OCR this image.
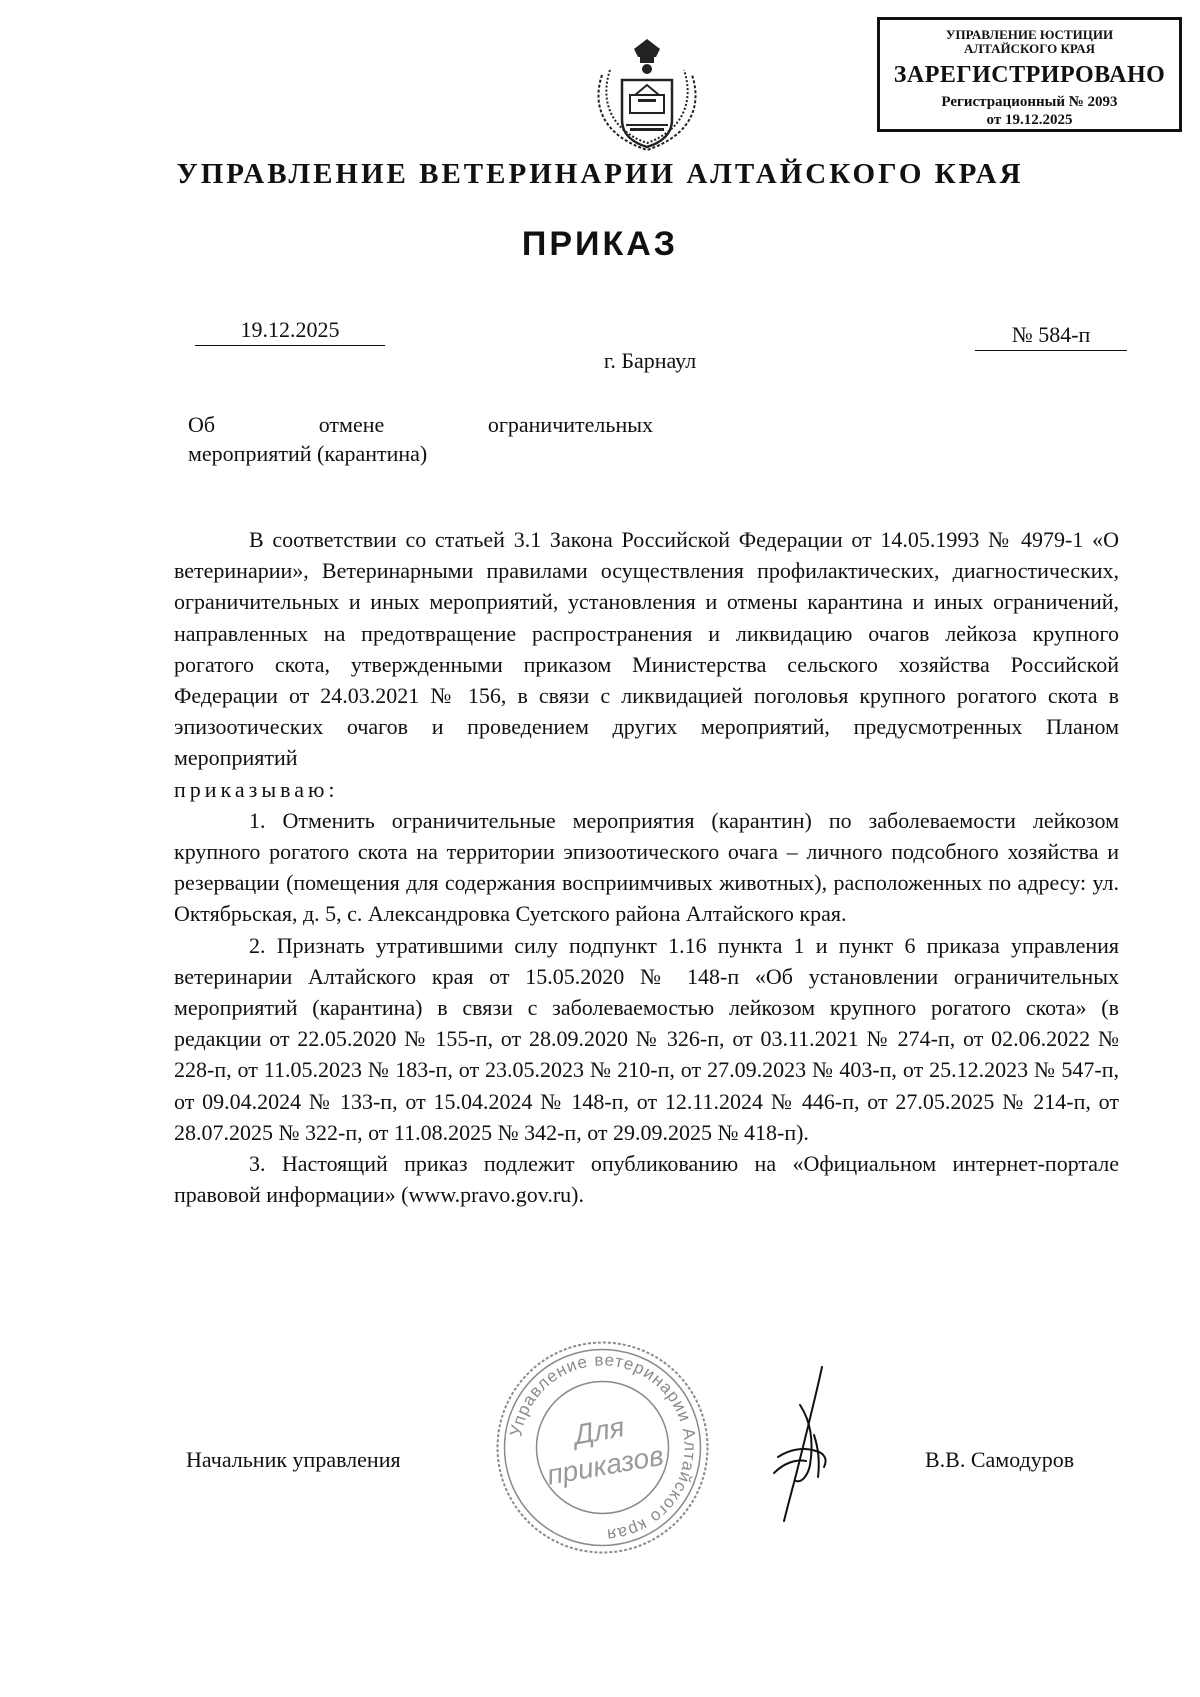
УПРАВЛЕНИЕ ЮСТИЦИИ
АЛТАЙСКОГО КРАЯ
ЗАРЕГИСТРИРОВАНО
Регистрационный № 2093
от 19.12.2025
УПРАВЛЕНИЕ ВЕТЕРИНАРИИ АЛТАЙСКОГО КРАЯ
ПРИКАЗ
19.12.2025	№ 584-п
г. Барнаул
Об	отмене	ограничительных
мероприятий (карантина)

В соответствии со статьей 3.1 Закона Российской Федерации от 14.05.1993 № 4979-1 «О ветеринарии», Ветеринарными правилами осуществления профилактических, диагностических, ограничительных и иных мероприятий, установления и отмены карантина и иных ограничений, направленных на предотвращение распространения и ликвидацию очагов лейкоза крупного рогатого скота, утвержденными приказом Министерства сельского хозяйства Российской Федерации от 24.03.2021 № 156, в связи с ликвидацией поголовья крупного рогатого скота в эпизоотических очагов и проведением других мероприятий, предусмотренных Планом мероприятий

приказываю:

1. Отменить ограничительные мероприятия (карантин) по заболеваемости лейкозом крупного рогатого скота на территории эпизоотического очага – личного подсобного хозяйства и резервации (помещения для содержания восприимчивых животных), расположенных по адресу: ул. Октябрьская, д. 5, с. Александровка Суетского района Алтайского края.

2. Признать утратившими силу подпункт 1.16 пункта 1 и пункт 6 приказа управления ветеринарии Алтайского края от 15.05.2020 № 148-п «Об установлении ограничительных мероприятий (карантина) в связи с заболеваемостью лейкозом крупного рогатого скота» (в редакции от 22.05.2020 № 155-п, от 28.09.2020 № 326-п, от 03.11.2021 № 274-п, от 02.06.2022 № 228-п, от 11.05.2023 № 183-п, от 23.05.2023 № 210-п, от 27.09.2023 № 403-п, от 25.12.2023 № 547-п, от 09.04.2024 № 133-п, от 15.04.2024 № 148-п, от 12.11.2024 № 446-п, от 27.05.2025 № 214-п, от 28.07.2025 № 322-п, от 11.08.2025 № 342-п, от 29.09.2025 № 418-п).

3. Настоящий приказ подлежит опубликованию на «Официальном интернет-портале правовой информации» (www.pravo.gov.ru).

Начальник управления	В.В. Самодуров
Управление ветеринарии Алтайского края
Для
приказов
